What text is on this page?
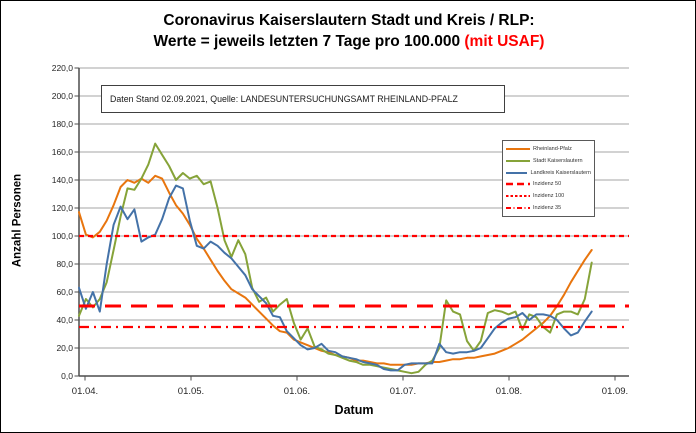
Coronavirus Kaiserslautern Stadt und Kreis / RLP:
Werte = jeweils letzten 7 Tage pro 100.000 (mit USAF)
Daten Stand 02.09.2021, Quelle: LANDESUNTERSUCHUNGSAMT RHEINLAND-PFALZ
Anzahl Personen
Datum
0,0
20,0
40,0
60,0
80,0
100,0
120,0
140,0
160,0
180,0
200,0
220,0
01.04.	01.05.	01.06.	01.07.	01.08.	01.09.
Rheinland-Pfalz
Stadt Kaiserslautern
Landkreis Kaiserslautern
Inzidenz 50
Inzidenz 100
Inzidenz 35
